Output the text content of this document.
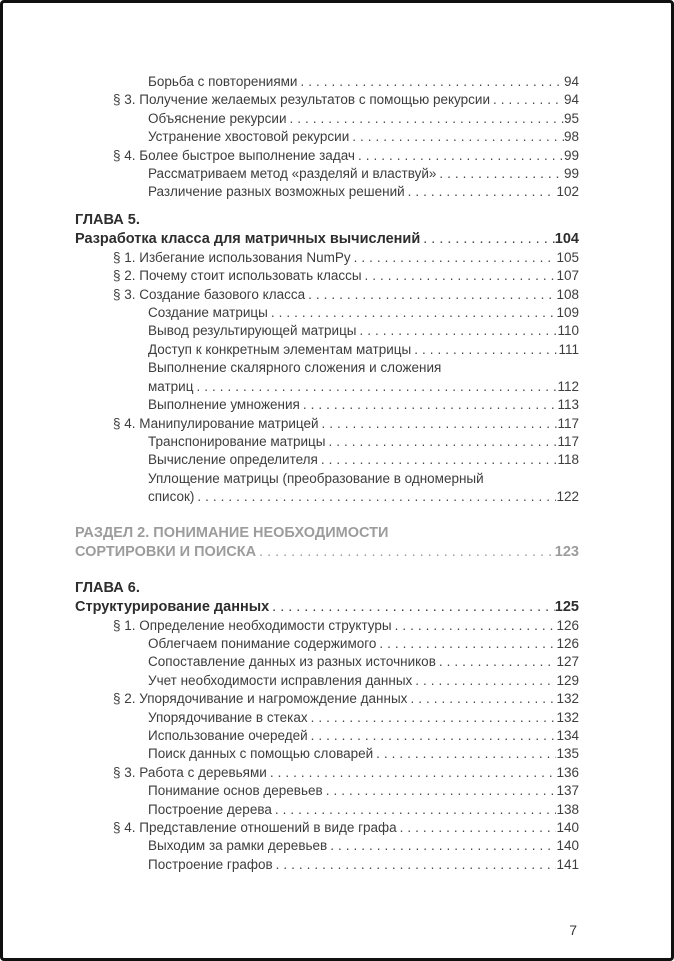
Борьба с повторениями .....	94
§ 3. Получение желаемых результатов с помощью рекурсии .....	94
Объяснение рекурсии .....	95
Устранение хвостовой рекурсии .....	98
§ 4. Более быстрое выполнение задач .....	99
Рассматриваем метод «разделяй и властвуй» .....	99
Различение разных возможных решений .....	102
ГЛАВА 5.
Разработка класса для матричных вычислений .....	104
§ 1. Избегание использования NumPy .....	105
§ 2. Почему стоит использовать классы .....	107
§ 3. Создание базового класса .....	108
Создание матрицы .....	109
Вывод результирующей матрицы .....	110
Доступ к конкретным элементам матрицы .....	111
Выполнение скалярного сложения и сложения
матриц .....	112
Выполнение умножения .....	113
§ 4. Манипулирование матрицей .....	117
Транспонирование матрицы .....	117
Вычисление определителя .....	118
Уплощение матрицы (преобразование в одномерный
список) .....	122
РАЗДЕЛ 2. ПОНИМАНИЕ НЕОБХОДИМОСТИ
СОРТИРОВКИ И ПОИСКА .....	123
ГЛАВА 6.
Структурирование данных .....	125
§ 1. Определение необходимости структуры .....	126
Облегчаем понимание содержимого .....	126
Сопоставление данных из разных источников .....	127
Учет необходимости исправления данных .....	129
§ 2. Упорядочивание и нагромождение данных .....	132
Упорядочивание в стеках .....	132
Использование очередей .....	134
Поиск данных с помощью словарей .....	135
§ 3. Работа с деревьями .....	136
Понимание основ деревьев .....	137
Построение дерева .....	138
§ 4. Представление отношений в виде графа .....	140
Выходим за рамки деревьев .....	140
Построение графов .....	141
7
